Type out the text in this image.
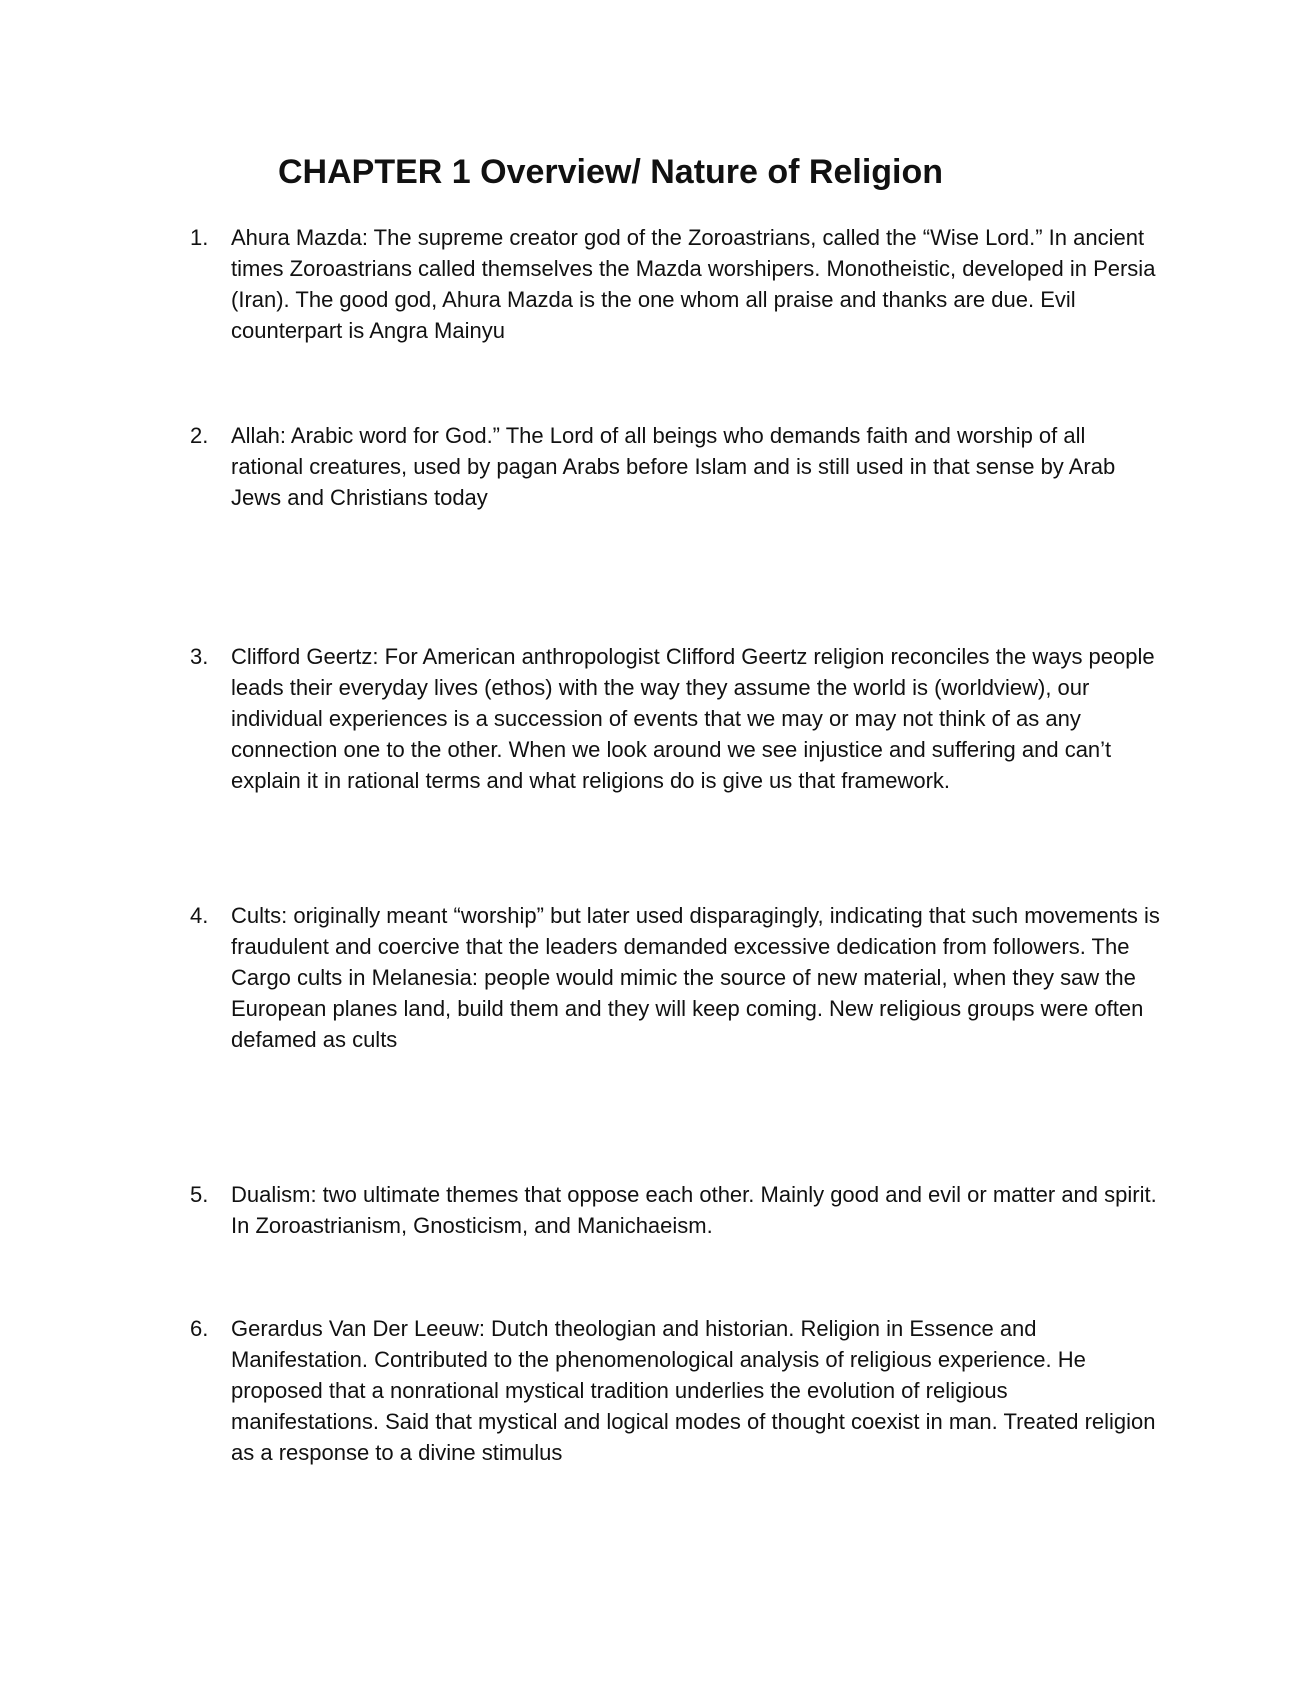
CHAPTER 1 Overview/ Nature of Religion
1.	Ahura Mazda: The supreme creator god of the Zoroastrians, called the “Wise Lord.” In ancient times Zoroastrians called themselves the Mazda worshipers. Monotheistic, developed in Persia (Iran). The good god, Ahura Mazda is the one whom all praise and thanks are due. Evil counterpart is Angra Mainyu
2.	Allah: Arabic word for God.” The Lord of all beings who demands faith and worship of all rational creatures, used by pagan Arabs before Islam and is still used in that sense by Arab Jews and Christians today
3.	Clifford Geertz: For American anthropologist Clifford Geertz religion reconciles the ways people leads their everyday lives (ethos) with the way they assume the world is (worldview), our individual experiences is a succession of events that we may or may not think of as any connection one to the other. When we look around we see injustice and suffering and can’t explain it in rational terms and what religions do is give us that framework.
4.	Cults: originally meant “worship” but later used disparagingly, indicating that such movements is fraudulent and coercive that the leaders demanded excessive dedication from followers. The Cargo cults in Melanesia: people would mimic the source of new material, when they saw the European planes land, build them and they will keep coming. New religious groups were often defamed as cults
5.	Dualism: two ultimate themes that oppose each other. Mainly good and evil or matter and spirit. In Zoroastrianism, Gnosticism, and Manichaeism.
6.	Gerardus Van Der Leeuw: Dutch theologian and historian. Religion in Essence and Manifestation. Contributed to the phenomenological analysis of religious experience. He proposed that a nonrational mystical tradition underlies the evolution of religious manifestations. Said that mystical and logical modes of thought coexist in man. Treated religion as a response to a divine stimulus
